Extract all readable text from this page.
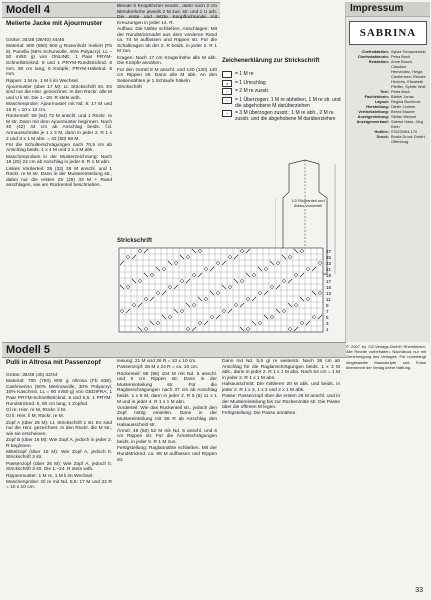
Modell 4
Melierte Jacke mit Ajourmuster

Größe: 34/36 (38/40) 44/46

Material: 800 (850) 900 g Rosenholz meliert (Fb 9). Panella (56% Schurwolle, 40% Polyacryl, LL – 50 m/50 g) von ONLINE; 1 Paar PRYM-Schnellstricknd. 8 und 1 PRYM-Rundstricknd. 8 mm, 80 cm lang; 6 Knöpfe; PRYM-Häkelnd. 6 mm.

Rippen: 1 M re, 1 M li im Wechsel.

Ajourmuster (über 17 M): Lt. Strickschrift str. Es sind nur die Hinr. gezeichnet. In den Rückr. alle M und U li str. Die 1.–28. R stets wdh.

Maschenprobe: Ajourmuster mit Nd. 8: 17 M und 15 R = 10 x 10 cm.

Rückenteil: 56 (64) 72 M anschl. und 1 Rückr. re M str. Dann mit dem Ajourmuster beginnen. Nach 40 (42) 44 cm ab Anschlag beids. f.d. Armausschnitte je 1 x 3 M, dann in jeder 2. R 1 x 2 und 3 x 1 M abn. = 42 (50) 58 M.

Für die Schulterschrägungen nach 70,5 cm ab Anschlag beids. 1 x 4 M und 2 x 4 M abk.

Maschenproben in der Musterzeichnung: Nach 18 (20) 22 cm ab Anschlag in jeder 8. R 1 M abn.

Linkes Vorderteil: 28 (32) 36 M anschl. und 1 Rückr. re M str. Dann in der Mustereinteilung str., dabei nur die ersten 25 (29) 33 M + Rand anschlagen, wie am Rückenteil beschrieben.

Blende 6 Knopflöcher einarb., dafür nach 2 cm Blendenhöhe jeweils 2 M zus. str. und 1 U arb. Die erste und letzte Knopflochrunde mit Kreuzungen in jeder 14. R.

Aufbau: Die Nähte schließen. Anschlagen: Mit der Rundstricknadel aus dem vorderen Rand ca. 74 M auffassen und Rippen str. Für die Schalkragen ab der 2. R beids. in jeder 2. R 1 M zun.

Kragen: Nach 17 cm Kragenhöhe alle M abk. Die Knöpfe annähen.

Für den Gürtel 8 M anschl. und 120 (130) 140 cm Rippen str. Dann alle M abk. An den Seitennähten je 1 Schlaufe häkeln.

Strickschrift

Zeichenerklärung zur Strickschrift
= 1 M re
o	= 1 Umschlag
/	= 2 M re zusstr.
\	= 1 Überzogen: 1 M re abheben, 1 M re str. und die abgehobene M darüberziehen
^	= 3 M überzogen zusstr.: 1 M re abh., 2 M re zusstr. und die abgehobene M darüberziehen
1/2 Rückenteil und linkes Vorderteil
Strickschrift
27
25
23
21
19
17
15
13
11
9
7
5
3
1
Impressum
SABRINA
Chefredaktion: Sylvia Tomaszewski
Chefredakteurin: Petra Bock
Redaktion: Anne Busch, Claudine Hernandez, Helga Carstensen, Renate Hinrichs, Elisabeth Pfeiffer, Sybille Wolf
Text: Petra Bock
Fachlektorin: Bärbel Jonas
Layout: Regina Buchholz
Herstellung: Dieter Lindner
Vertriebsleitung: Bernd Maurer
Anzeigenleitung: Stefan Wenzel
Anzeigenverkauf: Sabine Haas, Jörg Klein
Hotline: 07623/964-170
Druck: Burda Druck GmbH, Offenburg
© 2007 by OZ-Verlags-GmbH Rheinfelden. Alle Rechte vorbehalten. Nachdruck nur mit Genehmigung des Verlages. Für unverlangt eingesandte Manuskripte und Fotos übernimmt der Verlag keine Haftung.
Modell 5
Pulli in Altrosa mit Passenzopf

Größe: 36/38 (40) 42/44

Material: 700 (750) 800 g Altrosa (Fb 638). Cashmerino (50% Merinowolle, 30% Polyacryl, 10% Kaschmir, LL = 90 m/50 g) von GEDIFRA; 1 Paar PRYM-Schnellstricknd. 5 und 5,5; 1 PRYM-Rundstricknd. 5, 80 cm lang; 1 Zopfnd.

Gl re: Hinr. re M, Rückr. li M.

Gl li: Hinr. li M, Rückr. re M.

Zopf A (über 25 M): Lt. Strickschrift 1 str. Es sind nur die Hinr. gezeichnet. In den Rückr. die M str., wie sie erscheinen.

Zopf B (über 16 M): Wie Zopf A, jedoch in jeder 2. R beginnen.

Mittelzopf (über 15 M): Wie Zopf A, jedoch lt. Strickschrift 3 str.

Passenzopf (über 26 M): Wie Zopf A, jedoch lt. Strickschrift 3 str. Die 1.–24. R stets wdh.

Rippenmuster: 1 M re, 1 M li im Wechsel.

Maschenprobe: Gl re mit Nd. 5,5: 17 M und 22 R = 10 x 10 cm.

leisung: 21 M und 26 R = 10 x 10 cm.

Passenzopf: 26 M x 24 R = ca. 10 cm.

Rückenteil: 88 (96) 104 M mit Nd. 5 anschl. und 6 cm Rippen str. Dann in der Mustereinteilung str. Für die Raglanschrägungen nach 37 cm ab Anschlag beids. 1 x 5 M, dann in jeder 2. R 5 (8) 11 x 1 M und in jeder 4. R 1 x 1 M abn.

Vorderteil: Wie das Rückenteil str., jedoch den Zopf mittig einteilen. Dann in der Mustereinteilung mit 56 R ab Anschlag den Halsausschnitt str.

Ärmel: 48 (50) 52 M mit Nd. 5 anschl. und 6 cm Rippen str. Für die Ärmelschrägungen beids. in jeder 6. R 1 M zun.

Fertigstellung: Raglannähte schließen. Mit der Rundstricknd. ca. 88 M auffassen und Rippen str.

Dann mit Nd. 5,5 gl re weiterstr. Nach 38 cm ab Anschlag für die Raglanschrägungen beids. 1 x 3 M abk., dann in jeder 2. R 1 x 1 M abn. Nach 64 cm = 1 M in jeder 2. R 1 x 1 M abn.

Halsausschnitt: Die mittleren 20 M abk. und beids. in jeder 2. R 1 x 3, 1 x 2 und 2 x 1 M abk.

Passe: Passenzopf über die ersten 26 M anschl. und in der Mustereinteilung bis zur Rückenmitte str. Die Passe über die offenen M legen.

Fertigstellung: Die Passe annähen.

33
